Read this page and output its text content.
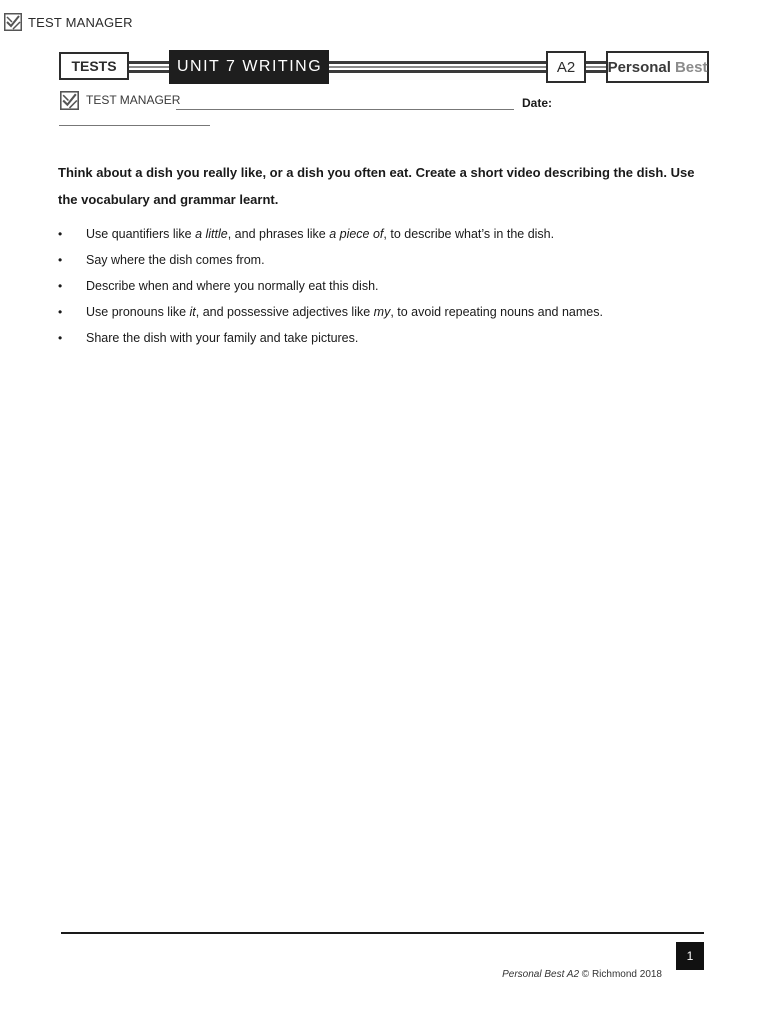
TEST MANAGER
TESTS	UNIT 7 WRITING	A2	Personal Best
TEST MANAGER	Date:
Think about a dish you really like, or a dish you often eat. Create a short video describing the dish. Use the vocabulary and grammar learnt.
• Use quantifiers like a little, and phrases like a piece of, to describe what’s in the dish.
• Say where the dish comes from.
• Describe when and where you normally eat this dish.
• Use pronouns like it, and possessive adjectives like my, to avoid repeating nouns and names.
• Share the dish with your family and take pictures.
1
Personal Best A2 © Richmond 2018
